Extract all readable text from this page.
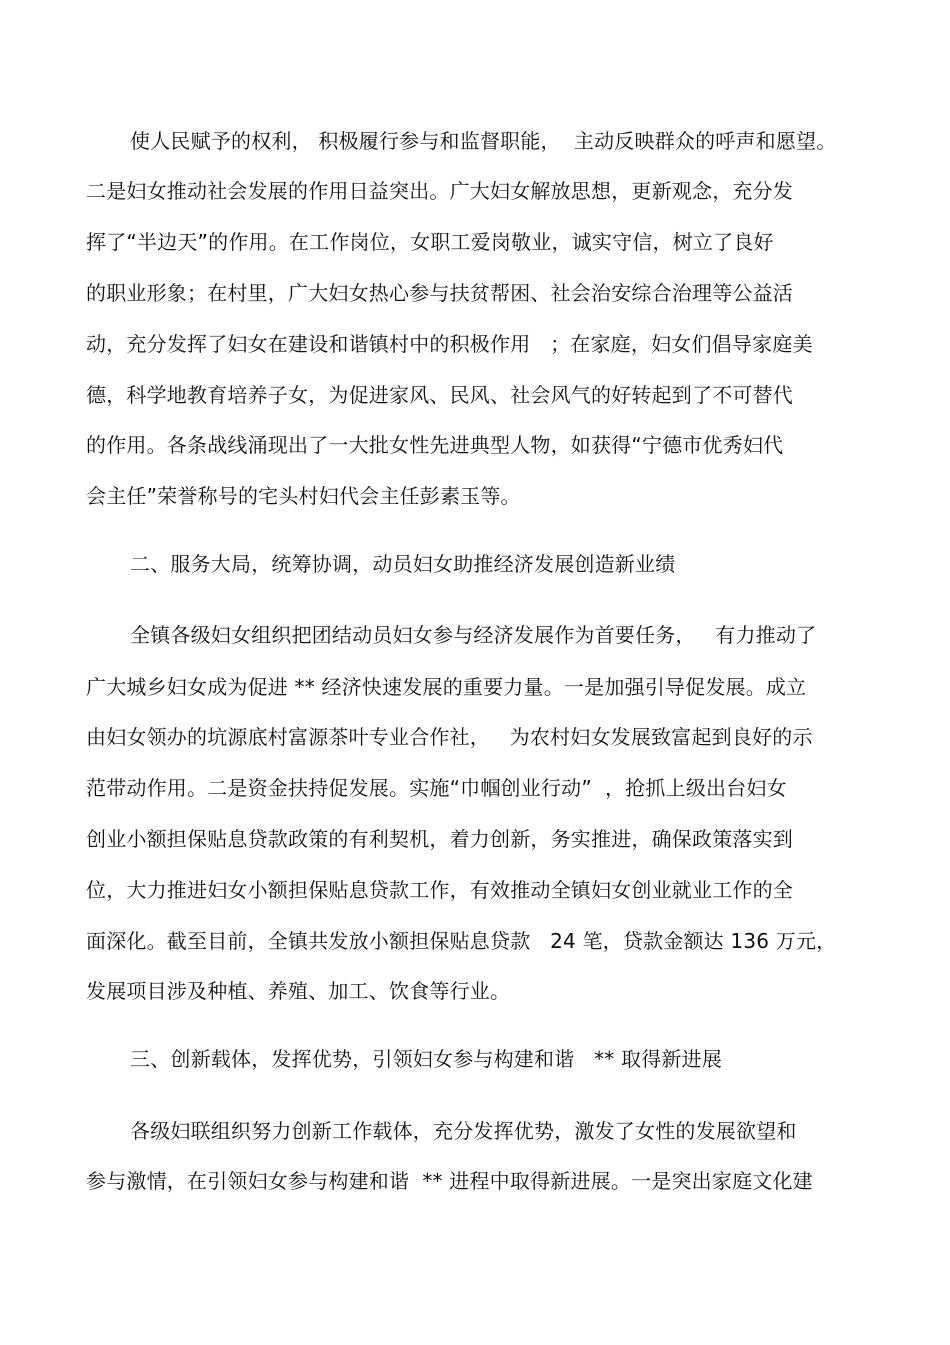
使人民赋予的权利， 积极履行参与和监督职能，  主动反映群众的呼声和愿望。
二是妇女推动社会发展的作用日益突出。广大妇女解放思想，更新观念，充分发
挥了“半边天”的作用。在工作岗位，女职工爱岗敬业，诚实守信，树立了良好
的职业形象；在村里，广大妇女热心参与扶贫帮困、社会治安综合治理等公益活
动，充分发挥了妇女在建设和谐镇村中的积极作用   ；在家庭，妇女们倡导家庭美
德，科学地教育培养子女，为促进家风、民风、社会风气的好转起到了不可替代
的作用。各条战线涌现出了一大批女性先进典型人物，如获得“宁德市优秀妇代
会主任”荣誉称号的宅头村妇代会主任彭素玉等。
二、服务大局，统筹协调，动员妇女助推经济发展创造新业绩
全镇各级妇女组织把团结动员妇女参与经济发展作为首要任务，   有力推动了
广大城乡妇女成为促进 ** 经济快速发展的重要力量。一是加强引导促发展。成立
由妇女领办的坑源底村富源茶叶专业合作社，   为农村妇女发展致富起到良好的示
范带动作用。二是资金扶持促发展。实施“巾帼创业行动”  ，抢抓上级出台妇女
创业小额担保贴息贷款政策的有利契机，着力创新，务实推进，确保政策落实到
位，大力推进妇女小额担保贴息贷款工作，有效推动全镇妇女创业就业工作的全
面深化。截至目前，全镇共发放小额担保贴息贷款   24 笔，贷款金额达 136 万元，
发展项目涉及种植、养殖、加工、饮食等行业。
三、创新载体，发挥优势，引领妇女参与构建和谐   ** 取得新进展
各级妇联组织努力创新工作载体，充分发挥优势，激发了女性的发展欲望和
参与激情，在引领妇女参与构建和谐  ** 进程中取得新进展。一是突出家庭文化建
